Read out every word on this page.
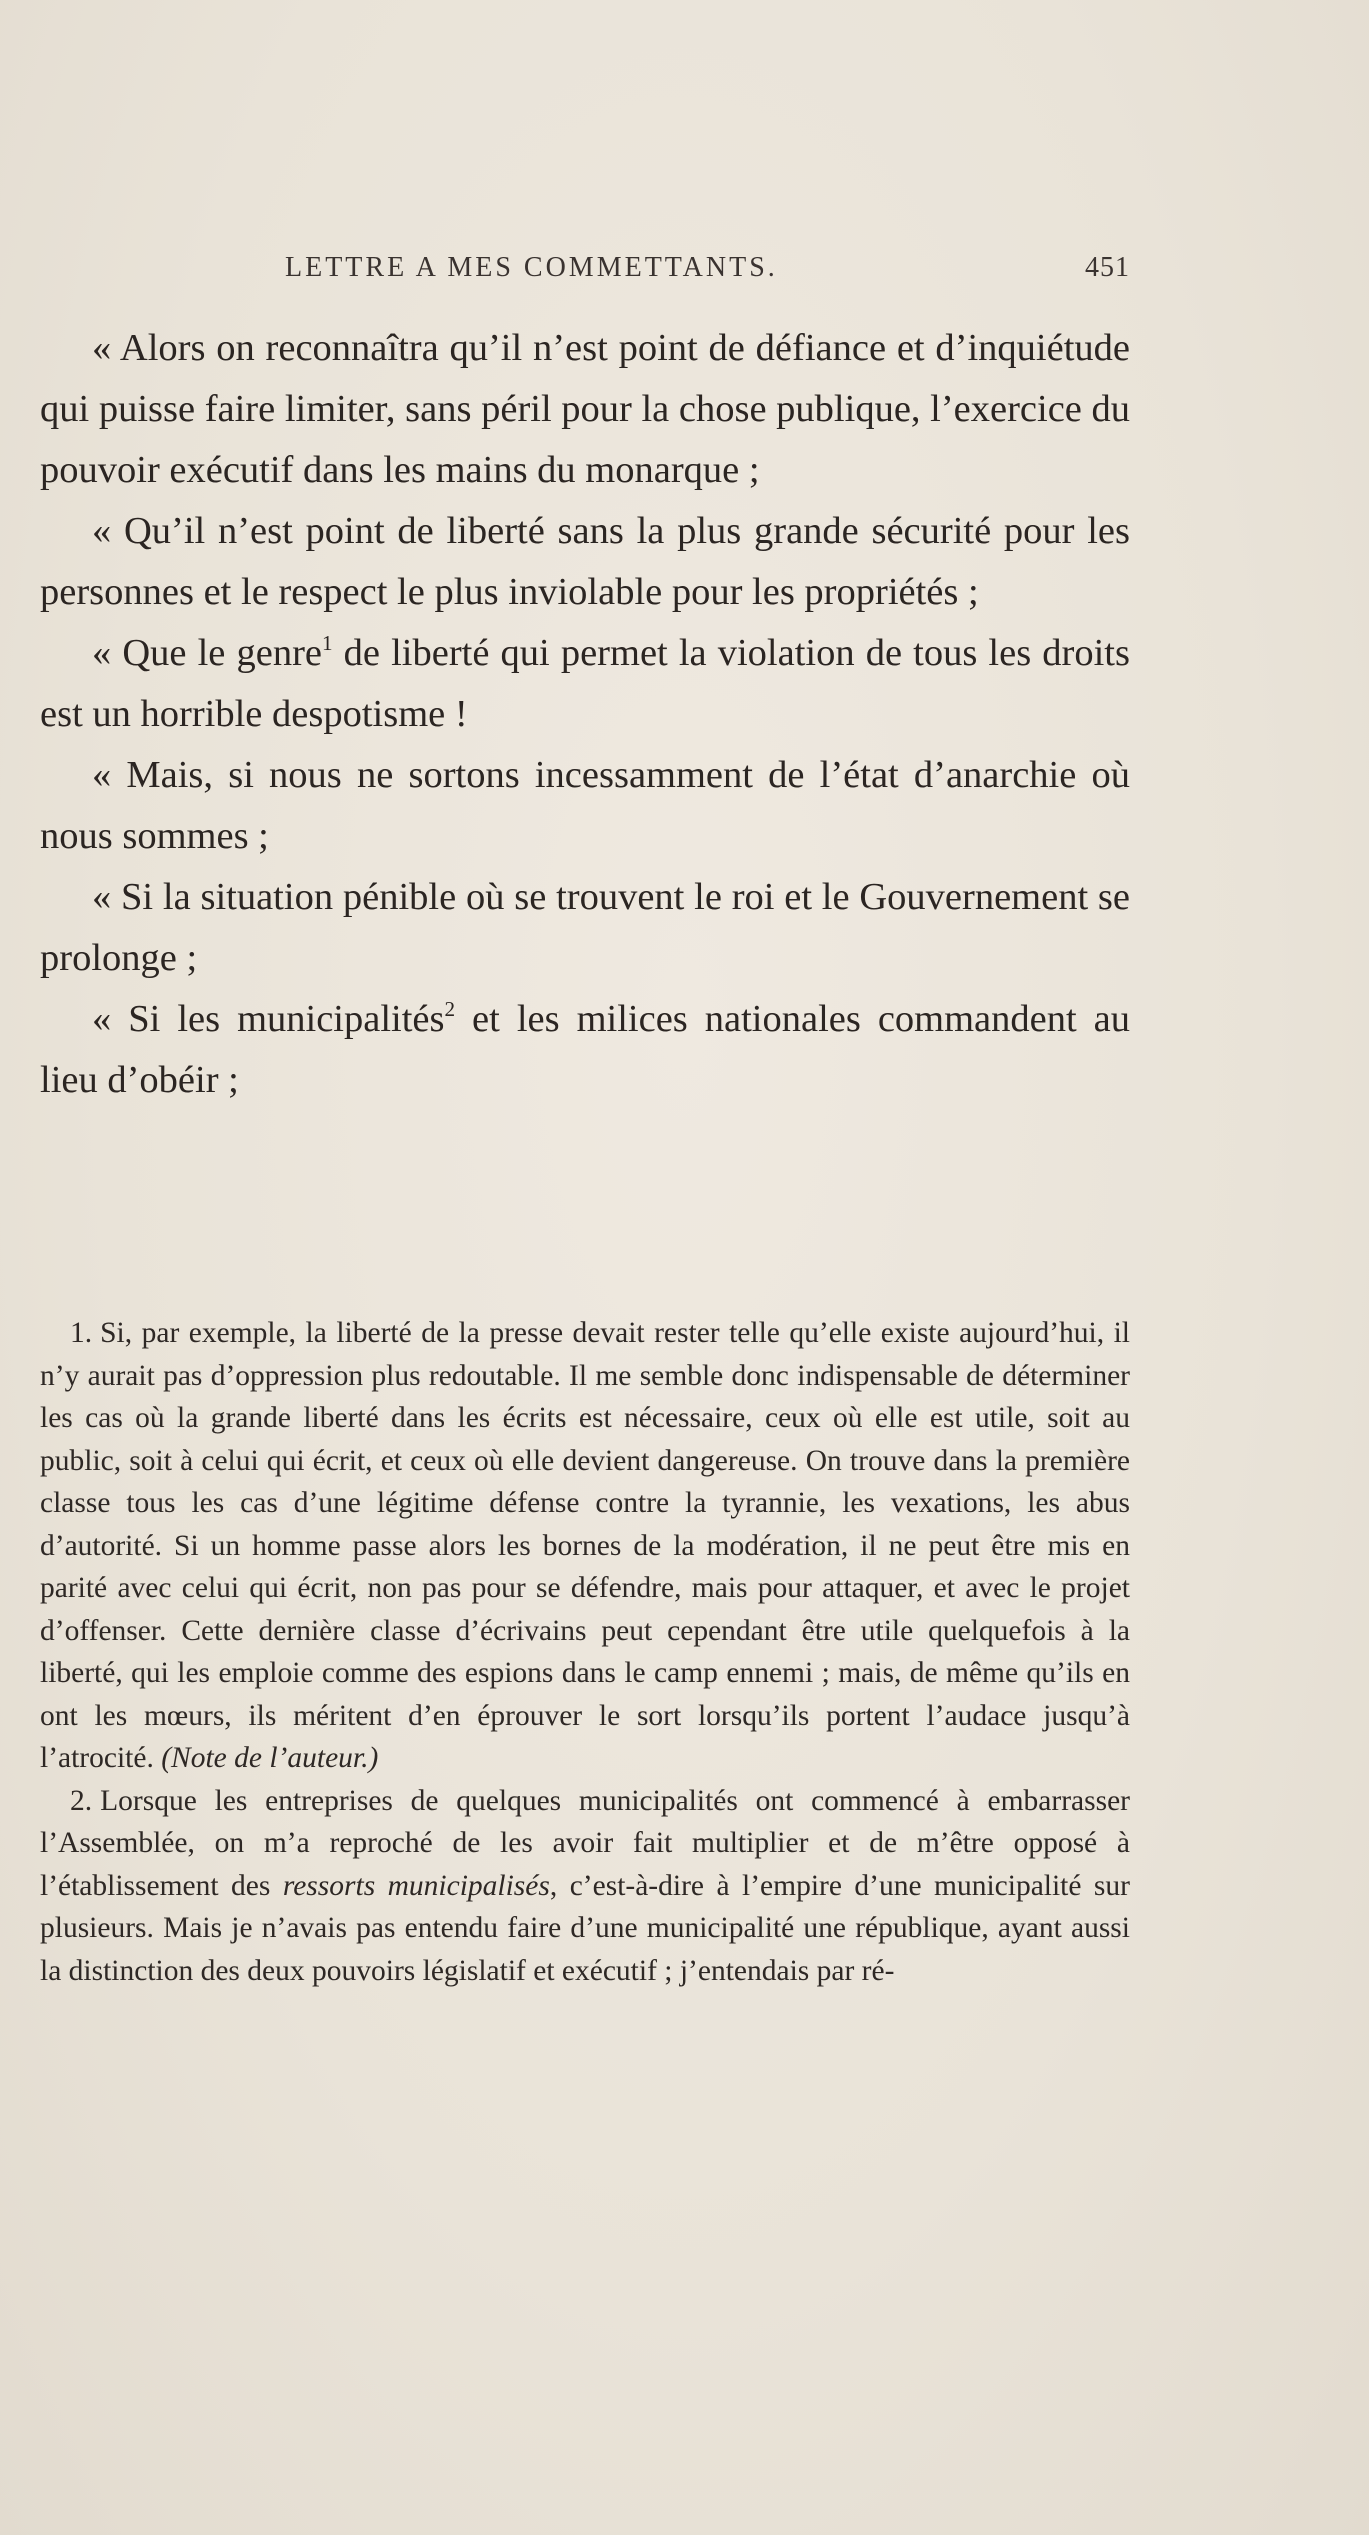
LETTRE A MES COMMETTANTS.	451

« Alors on reconnaîtra qu’il n’est point de défiance et d’inquiétude qui puisse faire limiter, sans péril pour la chose publique, l’exercice du pouvoir exécutif dans les mains du monarque ;

« Qu’il n’est point de liberté sans la plus grande sécurité pour les personnes et le respect le plus inviolable pour les propriétés ;

« Que le genre$^1$ de liberté qui permet la violation de tous les droits est un horrible despotisme !

« Mais, si nous ne sortons incessamment de l’état d’anarchie où nous sommes ;

« Si la situation pénible où se trouvent le roi et le Gouvernement se prolonge ;

« Si les municipalités$^2$ et les milices nationales commandent au lieu d’obéir ;

1. Si, par exemple, la liberté de la presse devait rester telle qu’elle existe aujourd’hui, il n’y aurait pas d’oppression plus redoutable. Il me semble donc indispensable de déterminer les cas où la grande liberté dans les écrits est nécessaire, ceux où elle est utile, soit au public, soit à celui qui écrit, et ceux où elle devient dangereuse. On trouve dans la première classe tous les cas d’une légitime défense contre la tyrannie, les vexations, les abus d’autorité. Si un homme passe alors les bornes de la modération, il ne peut être mis en parité avec celui qui écrit, non pas pour se défendre, mais pour attaquer, et avec le projet d’offenser. Cette dernière classe d’écrivains peut cependant être utile quelquefois à la liberté, qui les emploie comme des espions dans le camp ennemi ; mais, de même qu’ils en ont les mœurs, ils méritent d’en éprouver le sort lorsqu’ils portent l’audace jusqu’à l’atrocité. (Note de l’auteur.)

2. Lorsque les entreprises de quelques municipalités ont commencé à embarrasser l’Assemblée, on m’a reproché de les avoir fait multiplier et de m’être opposé à l’établissement des ressorts municipalisés, c’est-à-dire à l’empire d’une municipalité sur plusieurs. Mais je n’avais pas entendu faire d’une municipalité une république, ayant aussi la distinction des deux pouvoirs législatif et exécutif ; j’entendais par ré-
